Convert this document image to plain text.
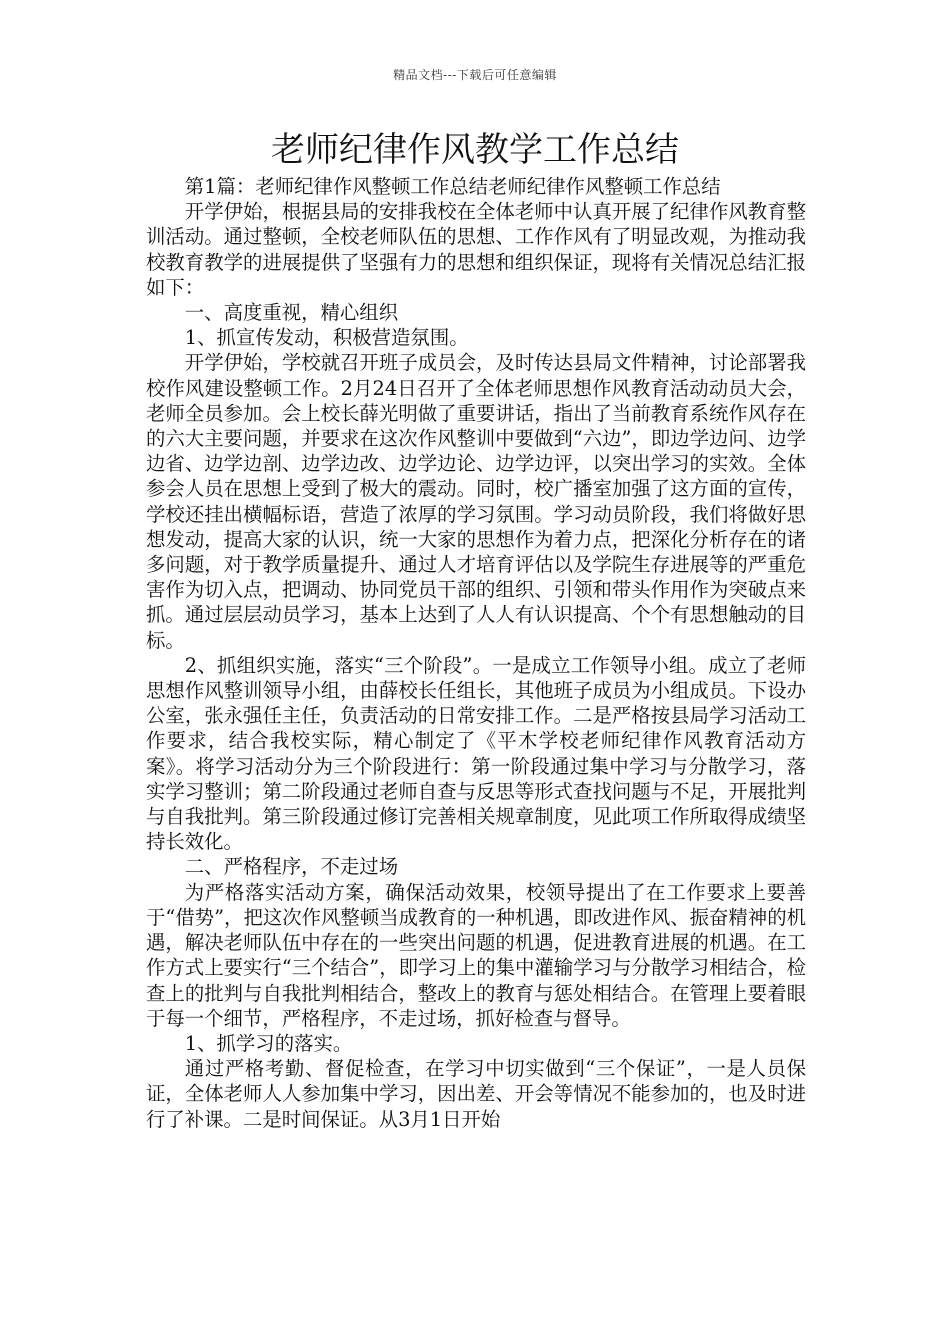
精品文档---下载后可任意编辑
老师纪律作风教学工作总结

第1篇：老师纪律作风整顿工作总结老师纪律作风整顿工作总结

开学伊始，根据县局的安排我校在全体老师中认真开展了纪律作风教育整训活动。通过整顿，全校老师队伍的思想、工作作风有了明显改观，为推动我校教育教学的进展提供了坚强有力的思想和组织保证，现将有关情况总结汇报如下：

一、高度重视，精心组织

1、抓宣传发动，积极营造氛围。

开学伊始，学校就召开班子成员会，及时传达县局文件精神，讨论部署我校作风建设整顿工作。2月24日召开了全体老师思想作风教育活动动员大会，老师全员参加。会上校长薛光明做了重要讲话，指出了当前教育系统作风存在的六大主要问题，并要求在这次作风整训中要做到“六边”，即边学边问、边学边省、边学边剖、边学边改、边学边论、边学边评，以突出学习的实效。全体参会人员在思想上受到了极大的震动。同时，校广播室加强了这方面的宣传，学校还挂出横幅标语，营造了浓厚的学习氛围。学习动员阶段，我们将做好思想发动，提高大家的认识，统一大家的思想作为着力点，把深化分析存在的诸多问题，对于教学质量提升、通过人才培育评估以及学院生存进展等的严重危害作为切入点，把调动、协同党员干部的组织、引领和带头作用作为突破点来抓。通过层层动员学习，基本上达到了人人有认识提高、个个有思想触动的目标。

2、抓组织实施，落实“三个阶段”。一是成立工作领导小组。成立了老师思想作风整训领导小组，由薛校长任组长，其他班子成员为小组成员。下设办公室，张永强任主任，负责活动的日常安排工作。二是严格按县局学习活动工作要求，结合我校实际，精心制定了《平木学校老师纪律作风教育活动方案》。将学习活动分为三个阶段进行：第一阶段通过集中学习与分散学习，落实学习整训；第二阶段通过老师自查与反思等形式查找问题与不足，开展批判与自我批判。第三阶段通过修订完善相关规章制度，见此项工作所取得成绩坚持长效化。

二、严格程序，不走过场

为严格落实活动方案，确保活动效果，校领导提出了在工作要求上要善于“借势”，把这次作风整顿当成教育的一种机遇，即改进作风、振奋精神的机遇，解决老师队伍中存在的一些突出问题的机遇，促进教育进展的机遇。在工作方式上要实行“三个结合”，即学习上的集中灌输学习与分散学习相结合，检查上的批判与自我批判相结合，整改上的教育与惩处相结合。在管理上要着眼于每一个细节，严格程序，不走过场，抓好检查与督导。

1、抓学习的落实。

通过严格考勤、督促检查，在学习中切实做到“三个保证”，一是人员保证，全体老师人人参加集中学习，因出差、开会等情况不能参加的，也及时进行了补课。二是时间保证。从3月1日开始
